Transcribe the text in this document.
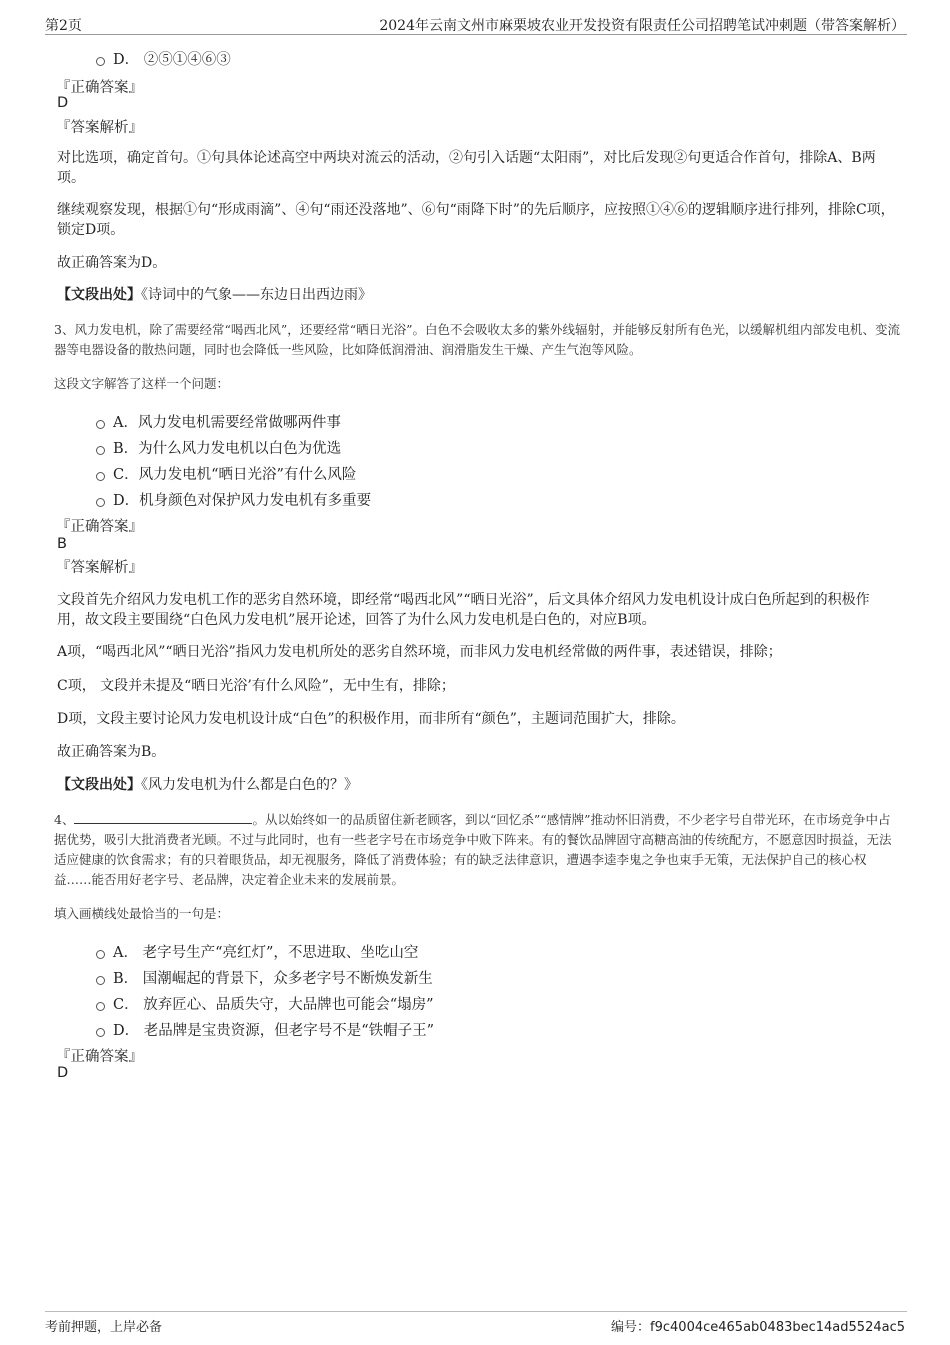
第2页	2024年云南文州市麻栗坡农业开发投资有限责任公司招聘笔试冲刺题（带答案解析）
D． ②⑤①④⑥③
『正确答案』
D
『答案解析』
对比选项，确定首句。①句具体论述高空中两块对流云的活动，②句引入话题“太阳雨”，对比后发现②句更适合作首句，排除A、B两项。
继续观察发现，根据①句“形成雨滴”、④句“雨还没落地”、⑥句“雨降下时”的先后顺序，应按照①④⑥的逻辑顺序进行排列，排除C项，锁定D项。
故正确答案为D。
【文段出处】《诗词中的气象——东边日出西边雨》
3、风力发电机，除了需要经常“喝西北风”，还要经常“晒日光浴”。白色不会吸收太多的紫外线辐射，并能够反射所有色光，以缓解机组内部发电机、变流器等电器设备的散热问题，同时也会降低一些风险，比如降低润滑油、润滑脂发生干燥、产生气泡等风险。
这段文字解答了这样一个问题：
A．风力发电机需要经常做哪两件事
B．为什么风力发电机以白色为优选
C．风力发电机“晒日光浴”有什么风险
D．机身颜色对保护风力发电机有多重要
『正确答案』
B
『答案解析』
文段首先介绍风力发电机工作的恶劣自然环境，即经常“喝西北风”“晒日光浴”，后文具体介绍风力发电机设计成白色所起到的积极作用，故文段主要围绕“白色风力发电机”展开论述，回答了为什么风力发电机是白色的，对应B项。
A项，“喝西北风”“晒日光浴”指风力发电机所处的恶劣自然环境，而非风力发电机经常做的两件事，表述错误，排除；
C项， 文段并未提及“晒日光浴’有什么风险”，无中生有，排除；
D项，文段主要讨论风力发电机设计成“白色”的积极作用，而非所有“颜色”，主题词范围扩大，排除。
故正确答案为B。
【文段出处】《风力发电机为什么都是白色的？》
4、	。从以始终如一的品质留住新老顾客，到以“回忆杀”“感情牌”推动怀旧消费，不少老字号自带光环，在市场竞争中占据优势，吸引大批消费者光顾。不过与此同时，也有一些老字号在市场竞争中败下阵来。有的餐饮品牌固守高糖高油的传统配方，不愿意因时损益，无法适应健康的饮食需求；有的只着眼货品，却无视服务，降低了消费体验；有的缺乏法律意识，遭遇李逵李鬼之争也束手无策，无法保护自己的核心权益……能否用好老字号、老品牌，决定着企业未来的发展前景。
填入画横线处最恰当的一句是：
A． 老字号生产“亮红灯”，不思进取、坐吃山空
B． 国潮崛起的背景下，众多老字号不断焕发新生
C． 放弃匠心、品质失守，大品牌也可能会“塌房”
D． 老品牌是宝贵资源，但老字号不是“铁帽子王”
『正确答案』
D
考前押题，上岸必备	编号：f9c4004ce465ab0483bec14ad5524ac5
